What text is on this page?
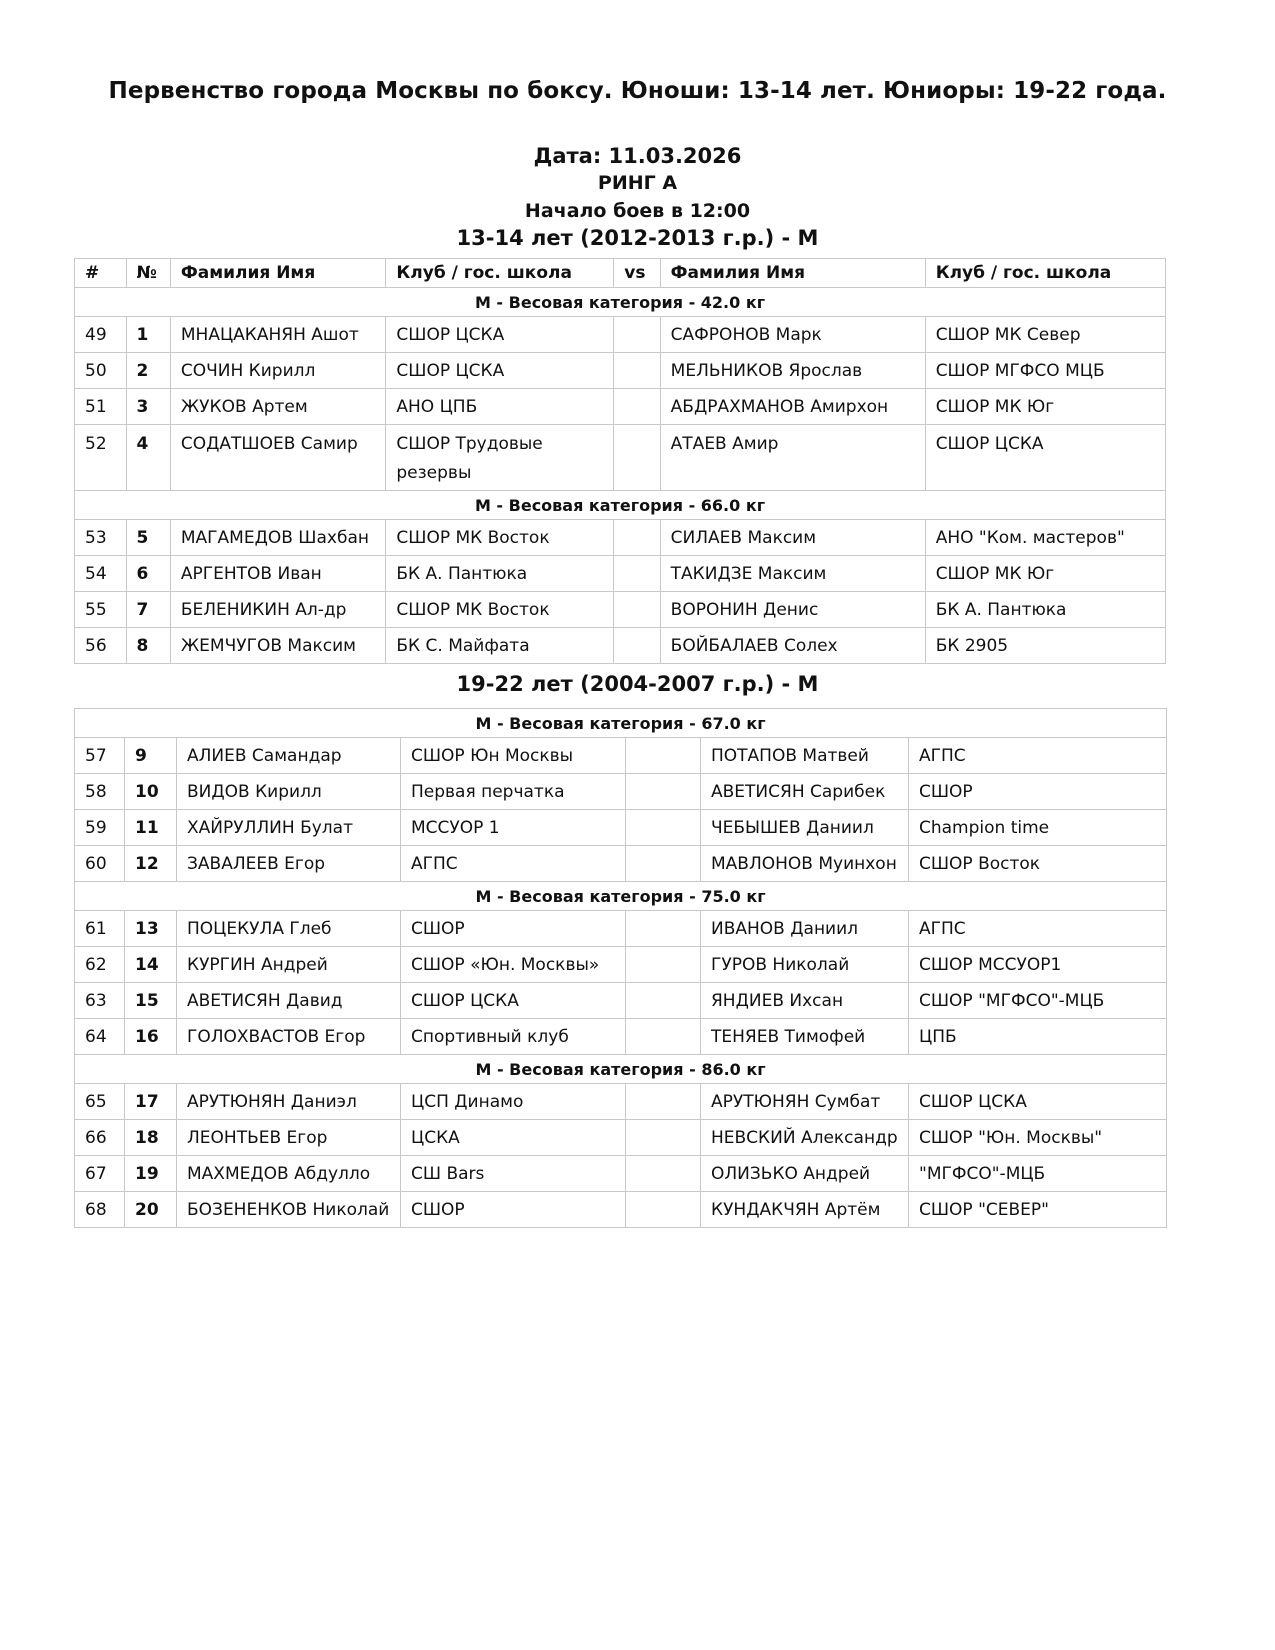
Первенство города Москвы по боксу. Юноши: 13-14 лет. Юниоры: 19-22 года.
Дата: 11.03.2026
РИНГ А
Начало боев в 12:00
13-14 лет (2012-2013 г.р.) - М
#	№	Фамилия Имя	Клуб / гос. школа	vs	Фамилия Имя	Клуб / гос. школа
М - Весовая категория - 42.0 кг						
49	1	МНАЦАКАНЯН Ашот	СШОР ЦСКА		САФРОНОВ Марк	СШОР МК Север
50	2	СОЧИН Кирилл	СШОР ЦСКА		МЕЛЬНИКОВ Ярослав	СШОР МГФСО МЦБ
51	3	ЖУКОВ Артем	АНО ЦПБ		АБДРАХМАНОВ Амирхон	СШОР МК Юг
52	4	СОДАТШОЕВ Самир	СШОР Трудовые резервы		АТАЕВ Амир	СШОР ЦСКА
М - Весовая категория - 66.0 кг						
53	5	МАГАМЕДОВ Шахбан	СШОР МК Восток		СИЛАЕВ Максим	АНО "Ком. мастеров"
54	6	АРГЕНТОВ Иван	БК А. Пантюка		ТАКИДЗЕ Максим	СШОР МК Юг
55	7	БЕЛЕНИКИН Ал-др	СШОР МК Восток		ВОРОНИН Денис	БК А. Пантюка
56	8	ЖЕМЧУГОВ Максим	БК С. Майфата		БОЙБАЛАЕВ Солех	БК 2905
19-22 лет (2004-2007 г.р.) - М
М - Весовая категория - 67.0 кг						
57	9	АЛИЕВ Самандар	СШОР Юн Москвы		ПОТАПОВ Матвей	АГПС
58	10	ВИДОВ Кирилл	Первая перчатка		АВЕТИСЯН Сарибек	СШОР
59	11	ХАЙРУЛЛИН Булат	МССУОР 1		ЧЕБЫШЕВ Даниил	Champion time
60	12	ЗАВАЛЕЕВ Егор	АГПС		МАВЛОНОВ Муинхон	СШОР Восток
М - Весовая категория - 75.0 кг						
61	13	ПОЦЕКУЛА Глеб	СШОР		ИВАНОВ Даниил	АГПС
62	14	КУРГИН Андрей	СШОР «Юн. Москвы»		ГУРОВ Николай	СШОР МССУОР1
63	15	АВЕТИСЯН Давид	СШОР ЦСКА		ЯНДИЕВ Ихсан	СШОР "МГФСО"-МЦБ
64	16	ГОЛОХВАСТОВ Егор	Спортивный клуб		ТЕНЯЕВ Тимофей	ЦПБ
М - Весовая категория - 86.0 кг						
65	17	АРУТЮНЯН Даниэл	ЦСП Динамо		АРУТЮНЯН Сумбат	СШОР ЦСКА
66	18	ЛЕОНТЬЕВ Егор	ЦСКА		НЕВСКИЙ Александр	СШОР "Юн. Москвы"
67	19	МАХМЕДОВ Абдулло	СШ Bars		ОЛИЗЬКО Андрей	"МГФСО"-МЦБ
68	20	БОЗЕНЕНКОВ Николай	СШОР		КУНДАКЧЯН Артём	СШОР "СЕВЕР"
